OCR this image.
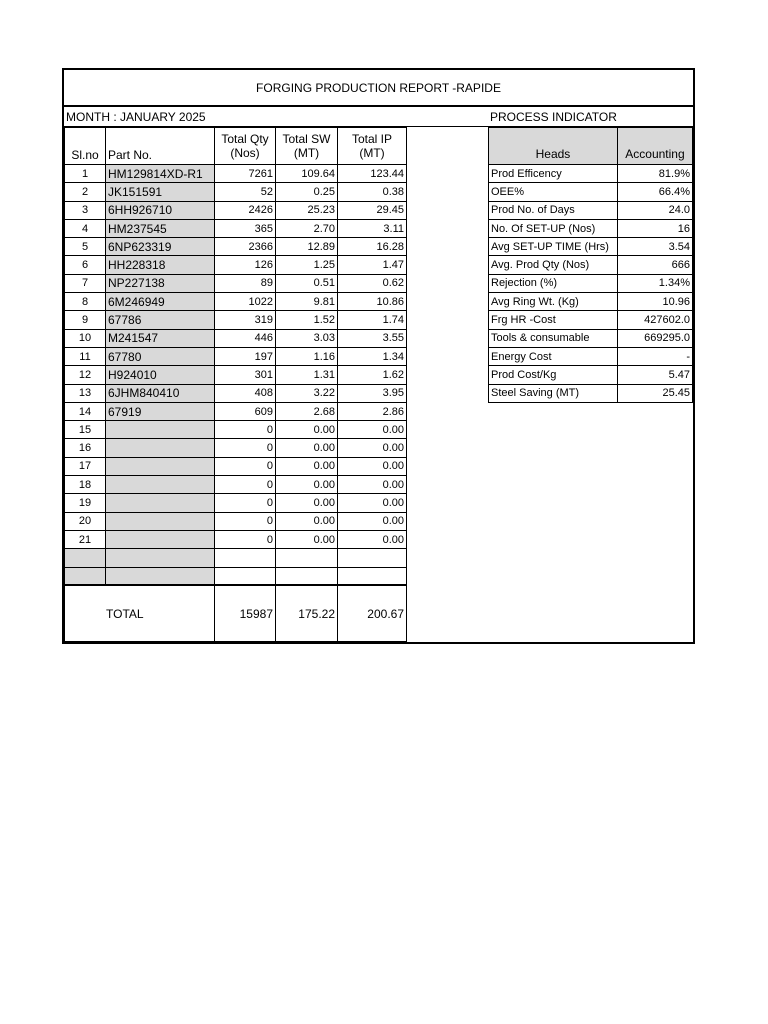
FORGING PRODUCTION REPORT -RAPIDE
MONTH : JANUARY 2025	PROCESS INDICATOR
Sl.no	Part No.	Total Qty (Nos)	Total SW (MT)	Total IP (MT)
1	HM129814XD-R1	7261	109.64	123.44
2	JK151591	52	0.25	0.38
3	6HH926710	2426	25.23	29.45
4	HM237545	365	2.70	3.11
5	6NP623319	2366	12.89	16.28
6	HH228318	126	1.25	1.47
7	NP227138	89	0.51	0.62
8	6M246949	1022	9.81	10.86
9	67786	319	1.52	1.74
10	M241547	446	3.03	3.55
11	67780	197	1.16	1.34
12	H924010	301	1.31	1.62
13	6JHM840410	408	3.22	3.95
14	67919	609	2.68	2.86
15		0	0.00	0.00
16		0	0.00	0.00
17		0	0.00	0.00
18		0	0.00	0.00
19		0	0.00	0.00
20		0	0.00	0.00
21		0	0.00	0.00

TOTAL		15987	175.22	200.67
Heads	Accounting
Prod Efficency	81.9%
OEE%	66.4%
Prod No. of Days	24.0
No. Of SET-UP (Nos)	16
Avg SET-UP TIME (Hrs)	3.54
Avg. Prod Qty (Nos)	666
Rejection (%)	1.34%
Avg Ring Wt. (Kg)	10.96
Frg HR -Cost	427602.0
Tools & consumable	669295.0
Energy Cost	-
Prod Cost/Kg	5.47
Steel Saving (MT)	25.45
